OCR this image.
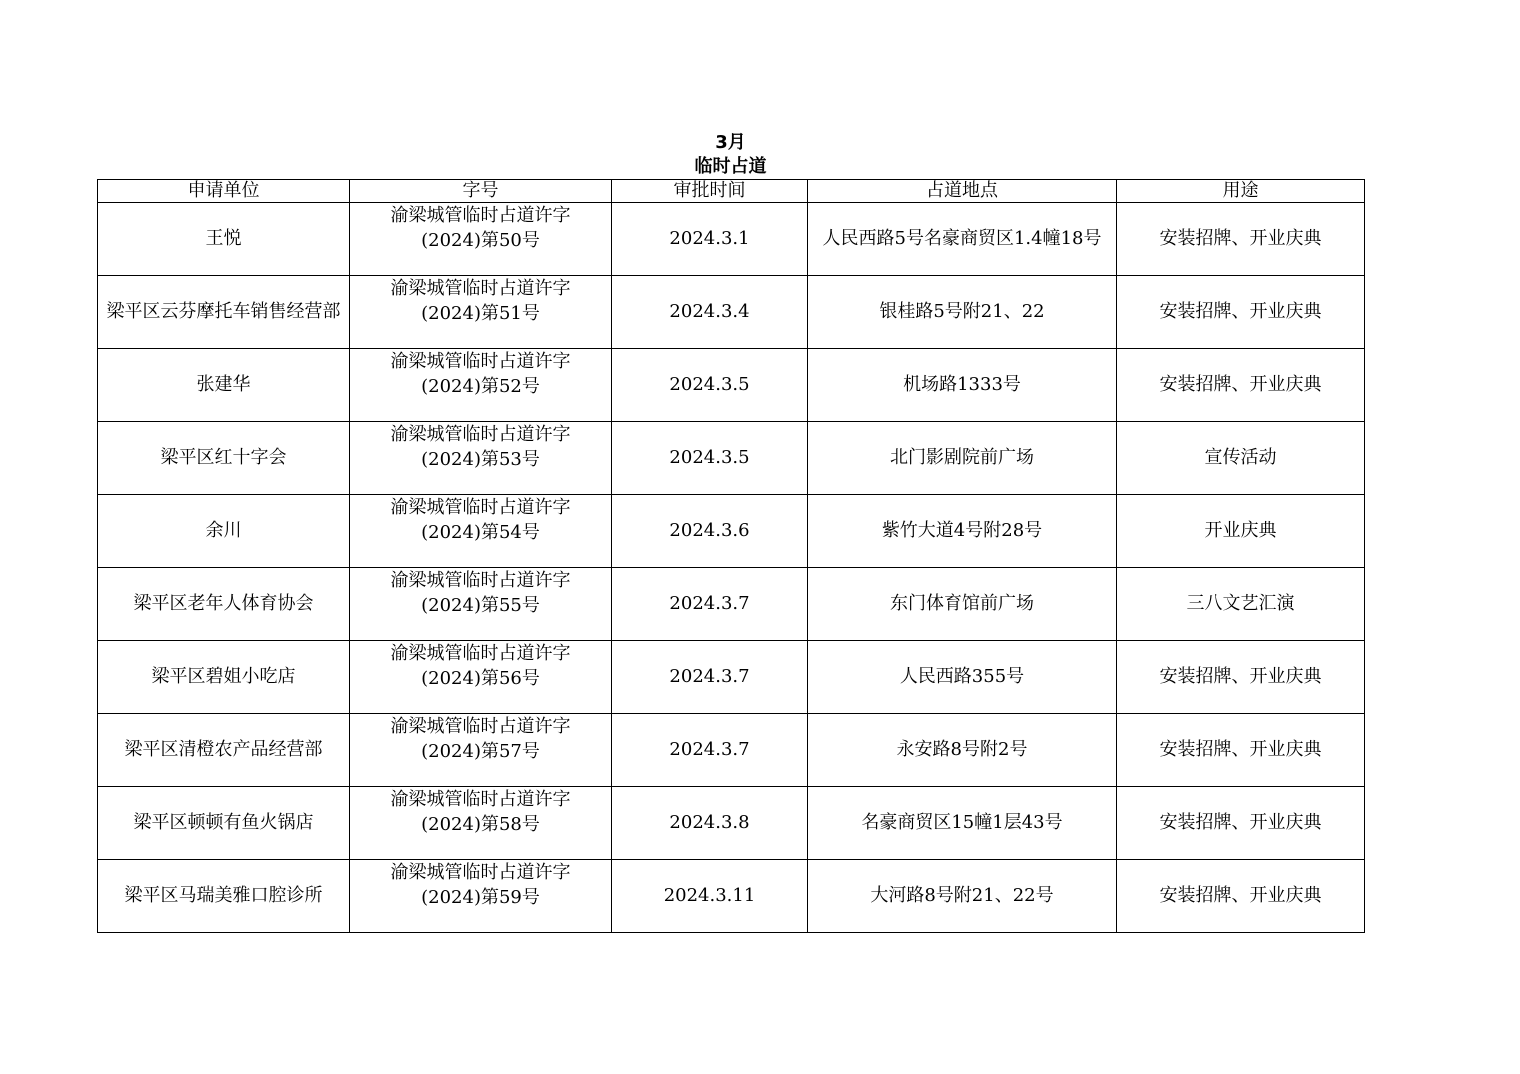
3月
临时占道
申请单位	字号	审批时间	占道地点	用途
王悦	渝梁城管临时占道许字
(2024)第50号	2024.3.1	人民西路5号名豪商贸区1.4幢18号	安装招牌、开业庆典
梁平区云芬摩托车销售经营部	渝梁城管临时占道许字
(2024)第51号	2024.3.4	银桂路5号附21、22	安装招牌、开业庆典
张建华	渝梁城管临时占道许字
(2024)第52号	2024.3.5	机场路1333号	安装招牌、开业庆典
梁平区红十字会	渝梁城管临时占道许字
(2024)第53号	2024.3.5	北门影剧院前广场	宣传活动
余川	渝梁城管临时占道许字
(2024)第54号	2024.3.6	紫竹大道4号附28号	开业庆典
梁平区老年人体育协会	渝梁城管临时占道许字
(2024)第55号	2024.3.7	东门体育馆前广场	三八文艺汇演
梁平区碧姐小吃店	渝梁城管临时占道许字
(2024)第56号	2024.3.7	人民西路355号	安装招牌、开业庆典
梁平区清橙农产品经营部	渝梁城管临时占道许字
(2024)第57号	2024.3.7	永安路8号附2号	安装招牌、开业庆典
梁平区顿顿有鱼火锅店	渝梁城管临时占道许字
(2024)第58号	2024.3.8	名豪商贸区15幢1层43号	安装招牌、开业庆典
梁平区马瑞美雅口腔诊所	渝梁城管临时占道许字
(2024)第59号	2024.3.11	大河路8号附21、22号	安装招牌、开业庆典
